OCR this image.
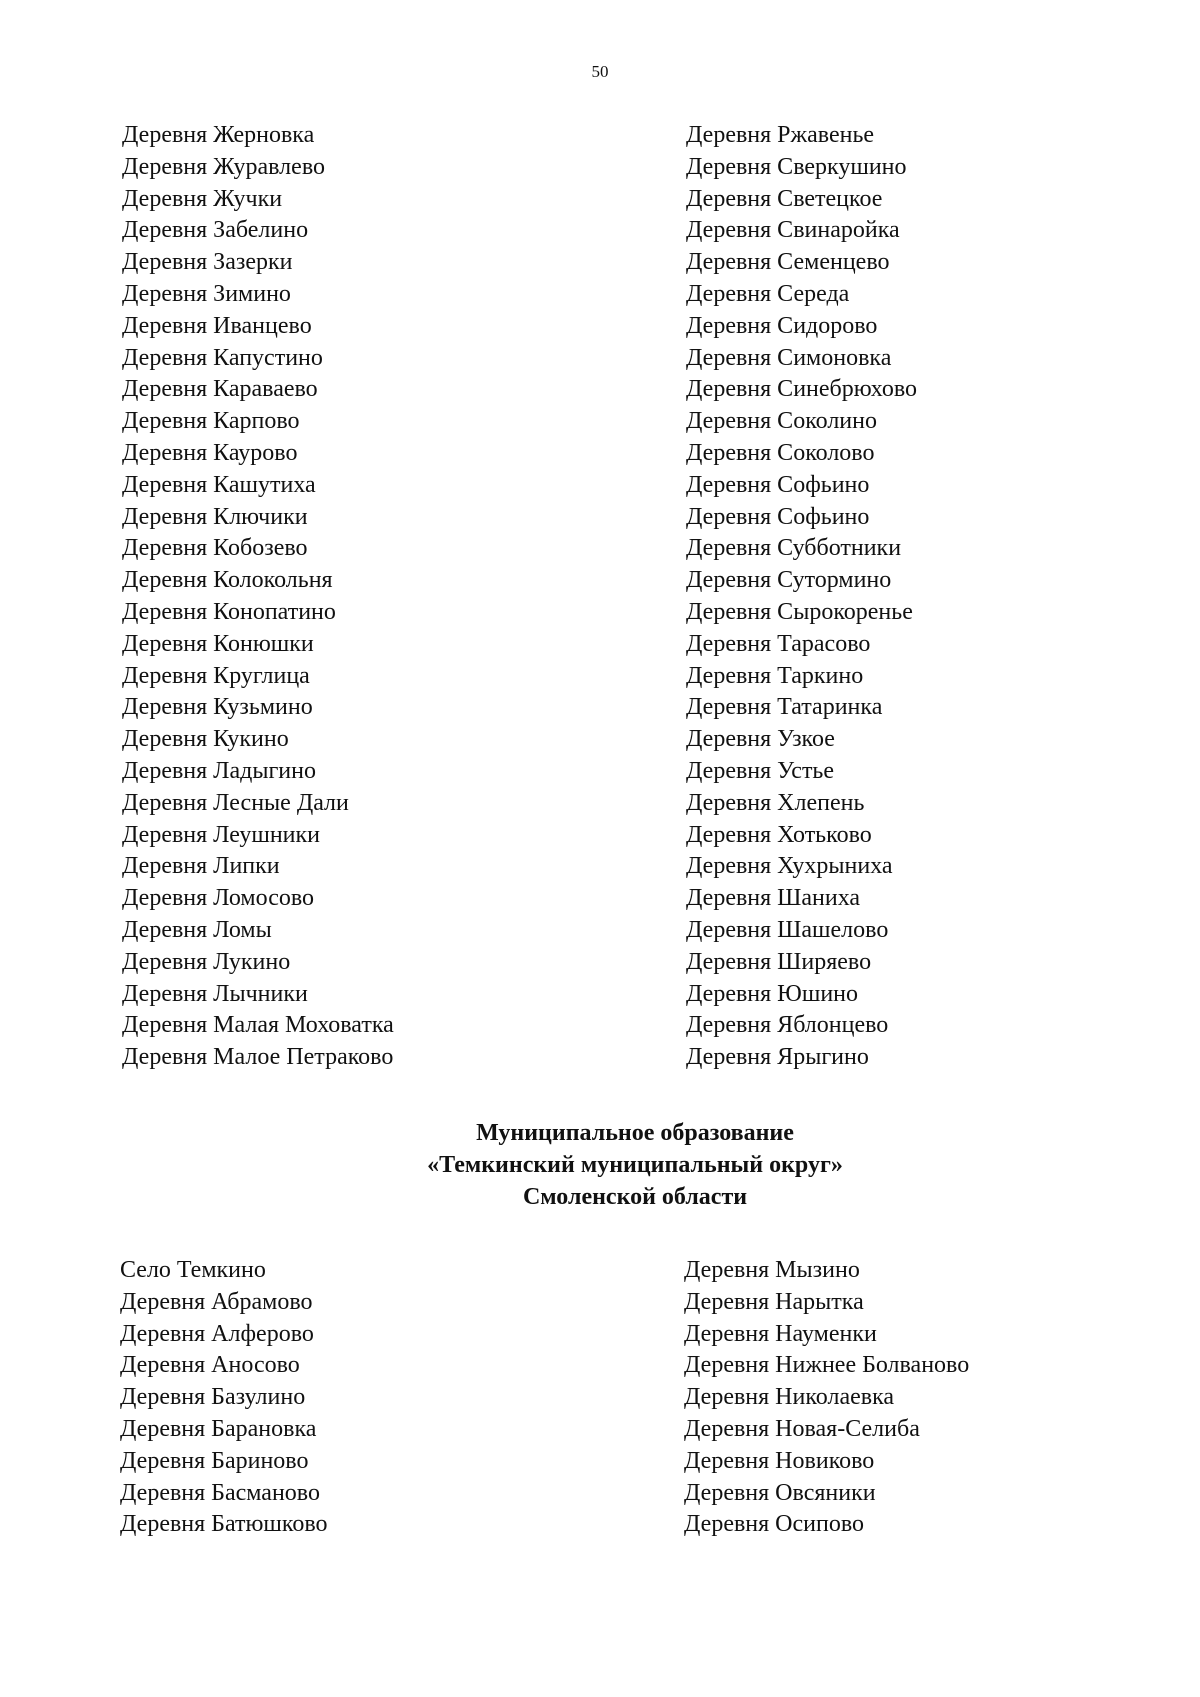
50
Деревня Жерновка
Деревня Журавлево
Деревня Жучки
Деревня Забелино
Деревня Зазерки
Деревня Зимино
Деревня Иванцево
Деревня Капустино
Деревня Караваево
Деревня Карпово
Деревня Каурово
Деревня Кашутиха
Деревня Ключики
Деревня Кобозево
Деревня Колокольня
Деревня Конопатино
Деревня Конюшки
Деревня Круглица
Деревня Кузьмино
Деревня Кукино
Деревня Ладыгино
Деревня Лесные Дали
Деревня Леушники
Деревня Липки
Деревня Ломосово
Деревня Ломы
Деревня Лукино
Деревня Лычники
Деревня Малая Моховатка
Деревня Малое Петраково
Деревня Ржавенье
Деревня Сверкушино
Деревня Светецкое
Деревня Свинаройка
Деревня Семенцево
Деревня Середа
Деревня Сидорово
Деревня Симоновка
Деревня Синебрюхово
Деревня Соколино
Деревня Соколово
Деревня Софьино
Деревня Софьино
Деревня Субботники
Деревня Сутормино
Деревня Сырокоренье
Деревня Тарасово
Деревня Таркино
Деревня Татаринка
Деревня Узкое
Деревня Устье
Деревня Хлепень
Деревня Хотьково
Деревня Хухрыниха
Деревня Шаниха
Деревня Шашелово
Деревня Ширяево
Деревня Юшино
Деревня Яблонцево
Деревня Ярыгино
Муниципальное образование
«Темкинский муниципальный округ»
Смоленской области
Село Темкино
Деревня Абрамово
Деревня Алферово
Деревня Аносово
Деревня Базулино
Деревня Барановка
Деревня Бариново
Деревня Басманово
Деревня Батюшково
Деревня Мызино
Деревня Нарытка
Деревня Науменки
Деревня Нижнее Болваново
Деревня Николаевка
Деревня Новая-Селиба
Деревня Новиково
Деревня Овсяники
Деревня Осипово
